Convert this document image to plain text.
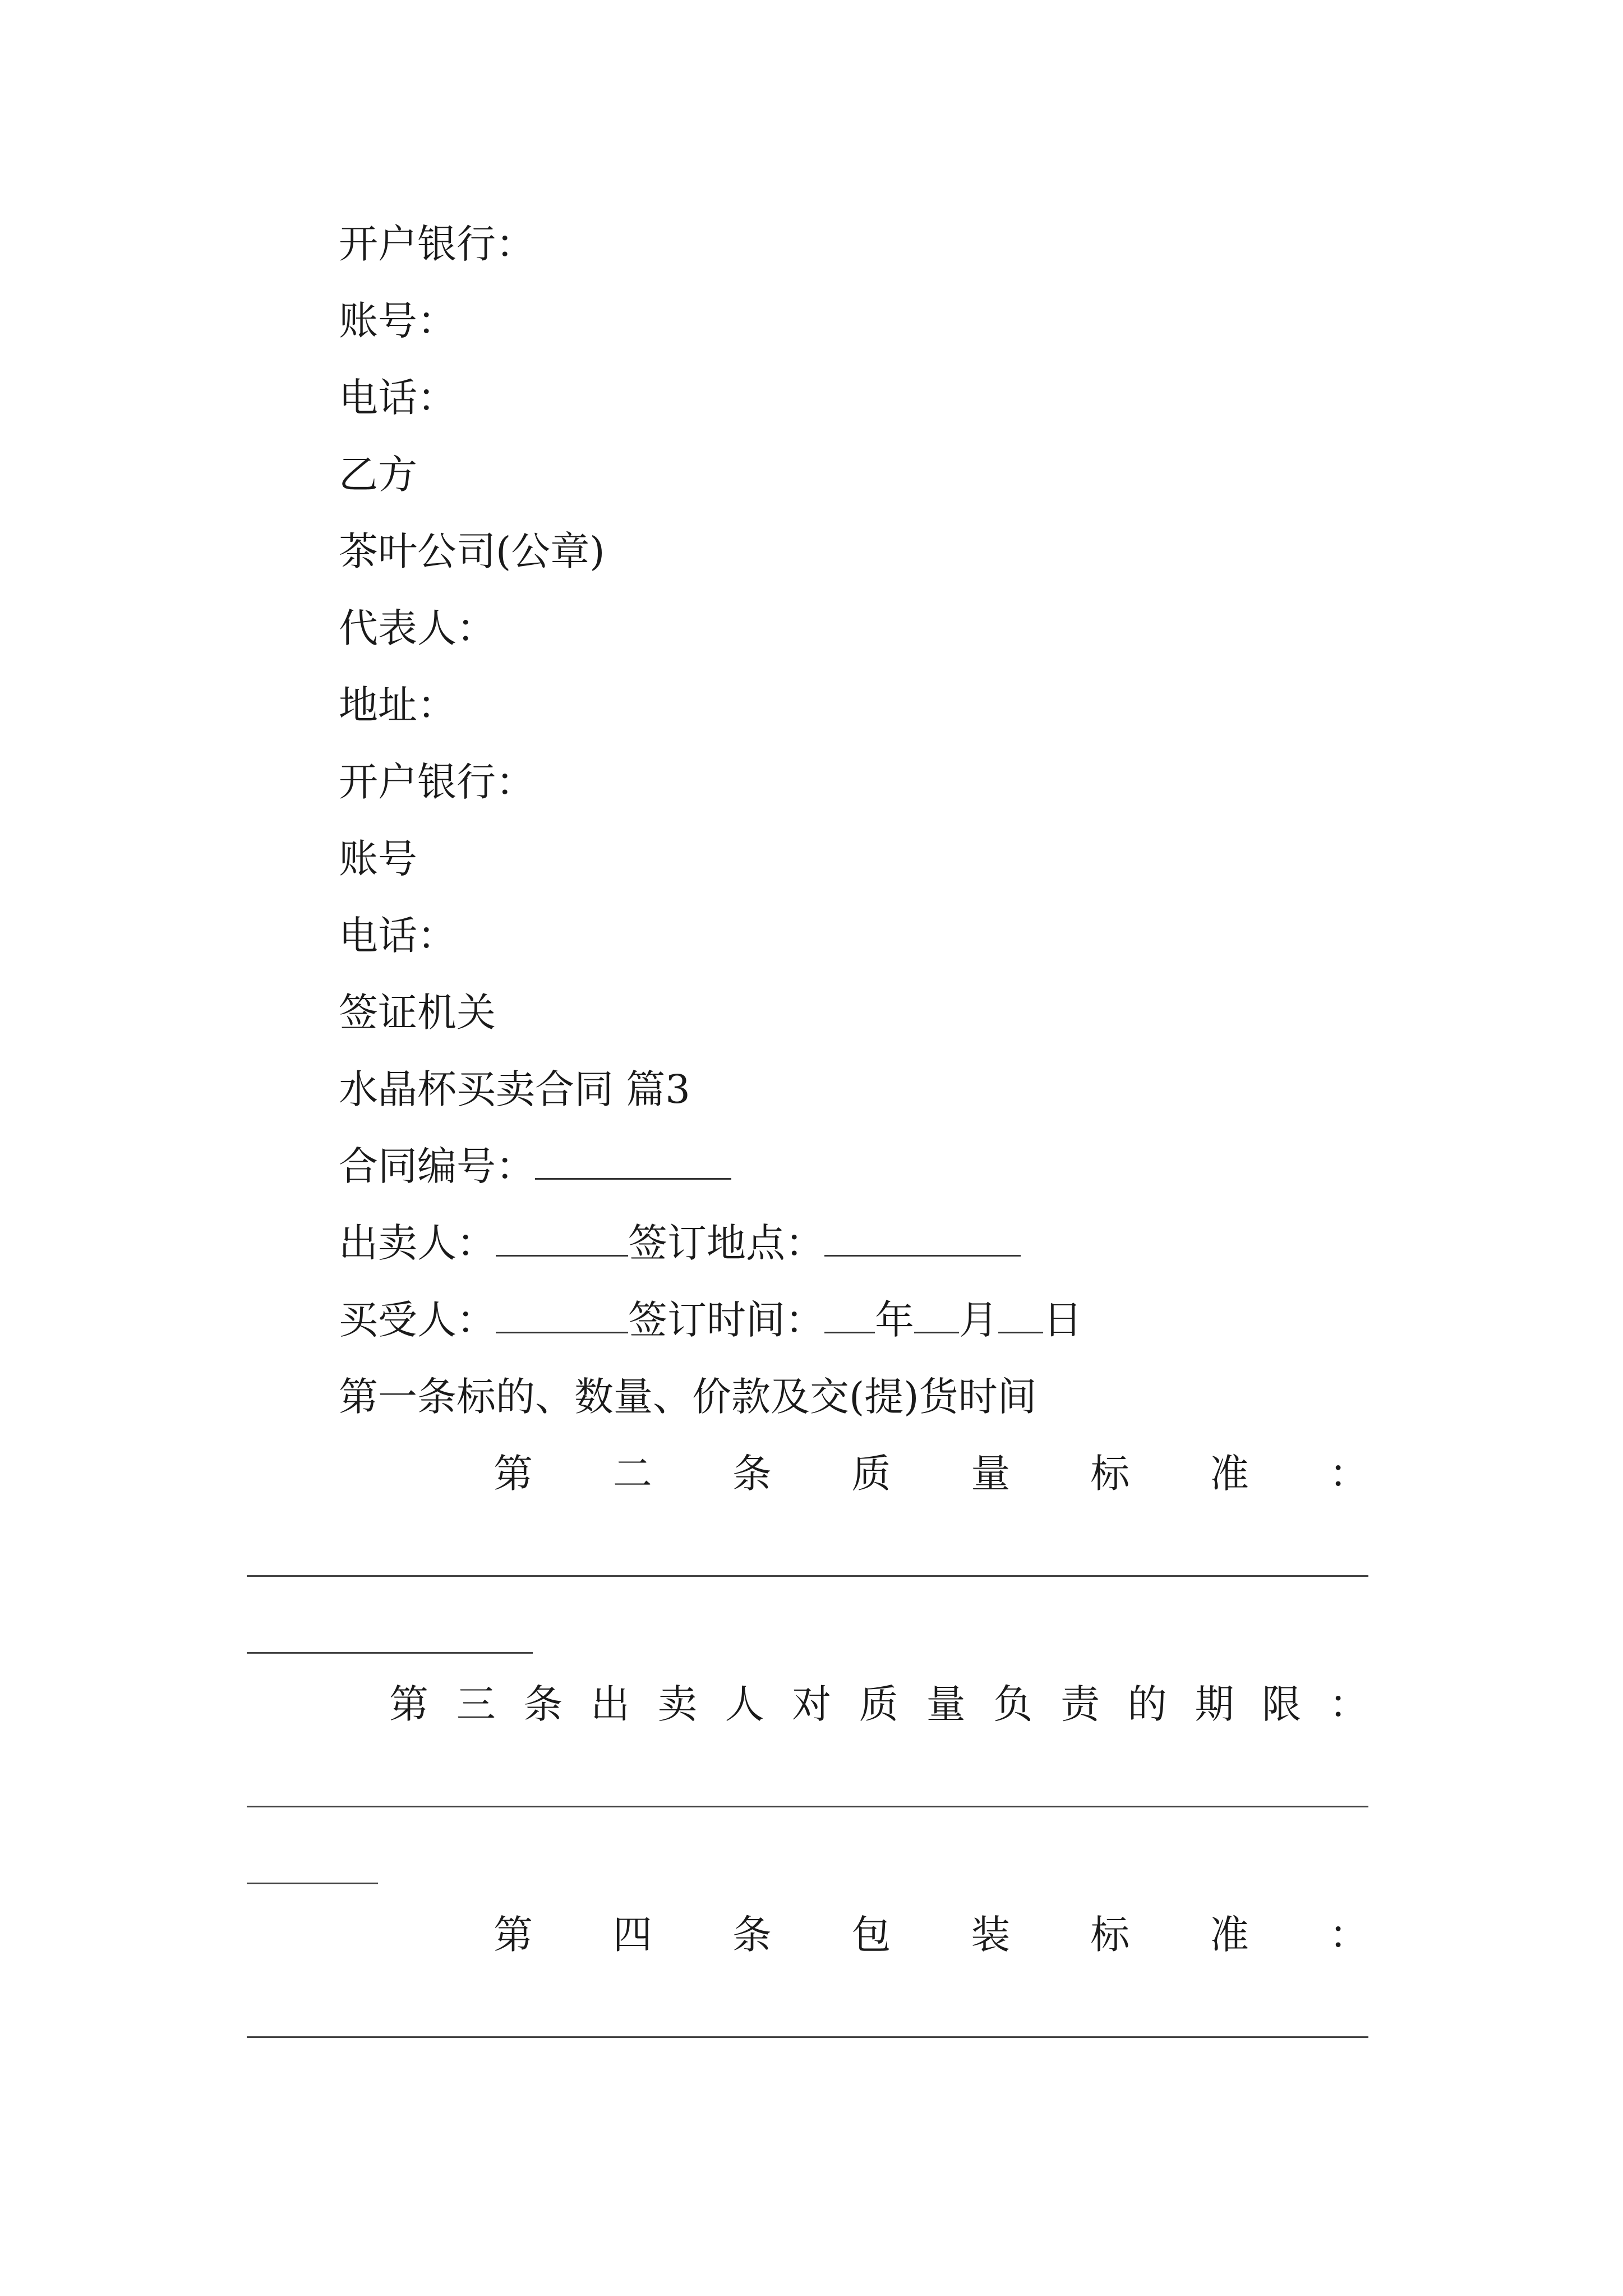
开户银行：
账号：
电话：
乙方
茶叶公司(公章)
代表人：
地址：
开户银行：
账号
电话：
签证机关
水晶杯买卖合同 篇3
合同编号：
出卖人：	签订地点：
买受人：	签订时间： 年 月 日
第一条标的、数量、价款及交(提)货时间
第 二 条 质 量 标 准 ：
第 三 条 出 卖 人 对 质 量 负 责 的 期 限 ：
第 四 条 包 装 标 准 ：
